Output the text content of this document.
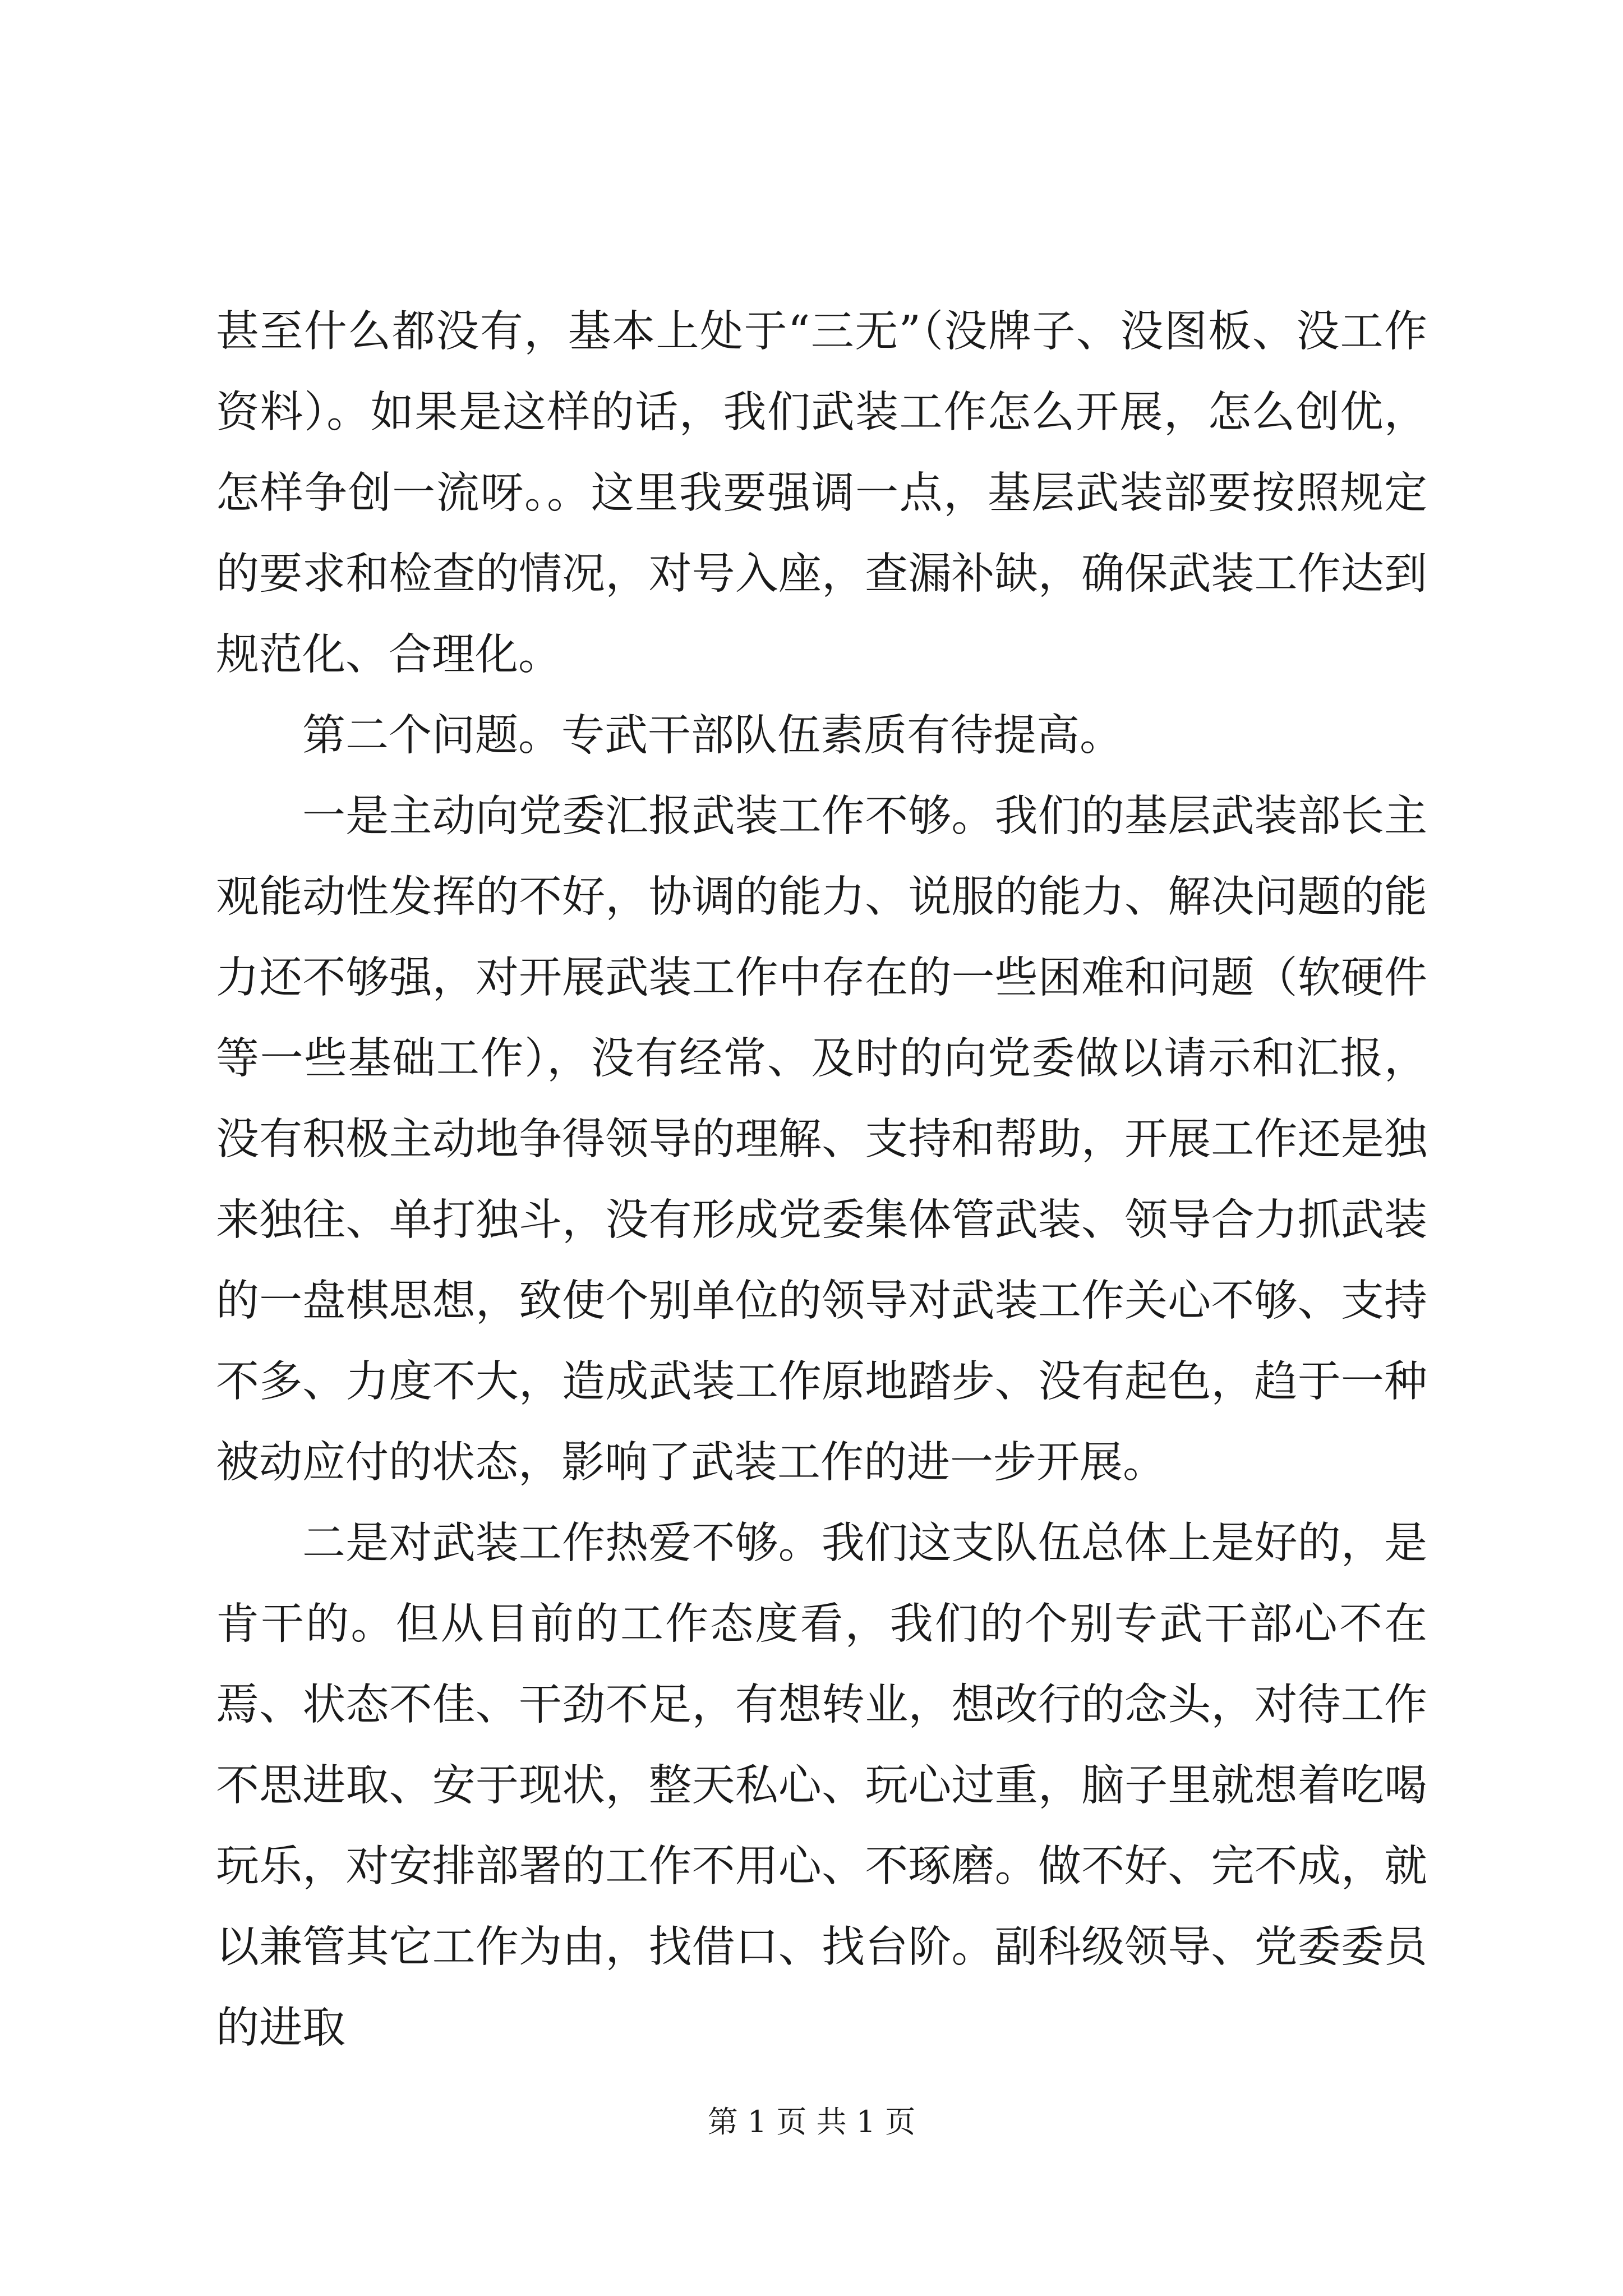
甚至什么都没有，基本上处于“三无”（没牌子、没图板、没工作资料）。如果是这样的话，我们武装工作怎么开展，怎么创优，怎样争创一流呀。。这里我要强调一点，基层武装部要按照规定的要求和检查的情况，对号入座，查漏补缺，确保武装工作达到规范化、合理化。

第二个问题。专武干部队伍素质有待提高。

一是主动向党委汇报武装工作不够。我们的基层武装部长主观能动性发挥的不好，协调的能力、说服的能力、解决问题的能力还不够强，对开展武装工作中存在的一些困难和问题（软硬件等一些基础工作），没有经常、及时的向党委做以请示和汇报，没有积极主动地争得领导的理解、支持和帮助，开展工作还是独来独往、单打独斗，没有形成党委集体管武装、领导合力抓武装的一盘棋思想，致使个别单位的领导对武装工作关心不够、支持不多、力度不大，造成武装工作原地踏步、没有起色，趋于一种被动应付的状态，影响了武装工作的进一步开展。

二是对武装工作热爱不够。我们这支队伍总体上是好的，是肯干的。但从目前的工作态度看，我们的个别专武干部心不在焉、状态不佳、干劲不足，有想转业，想改行的念头，对待工作不思进取、安于现状，整天私心、玩心过重，脑子里就想着吃喝玩乐，对安排部署的工作不用心、不琢磨。做不好、完不成，就以兼管其它工作为由，找借口、找台阶。副科级领导、党委委员的进取

第 1 页 共 1 页
